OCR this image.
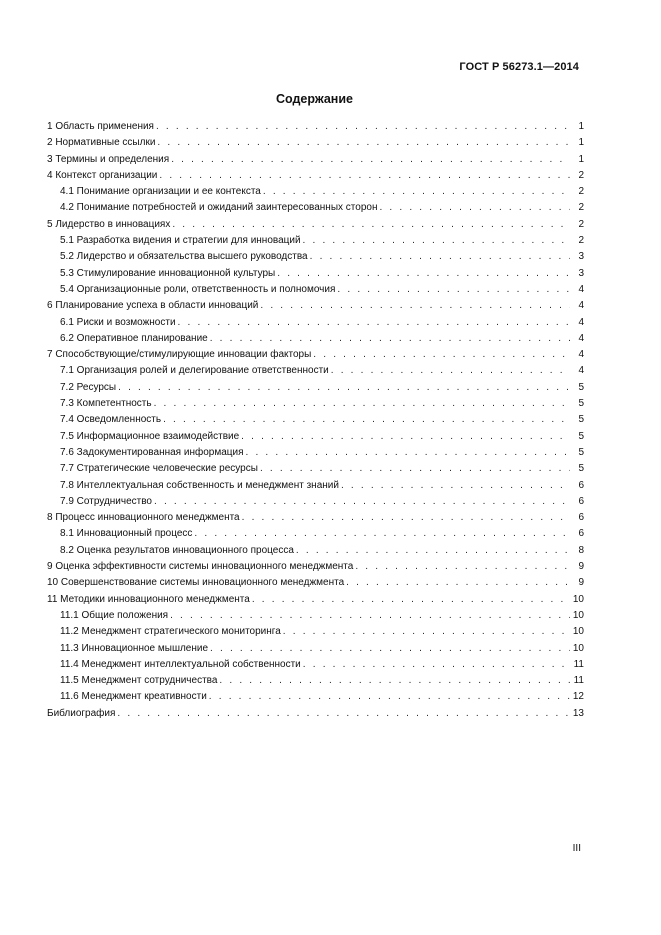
ГОСТ Р 56273.1—2014
Содержание
1 Область применения . . .	1
2 Нормативные ссылки . . .	1
3 Термины и определения . . .	1
4 Контекст организации . . .	2
4.1 Понимание организации и ее контекста . . .	2
4.2 Понимание потребностей и ожиданий заинтересованных сторон . . .	2
5 Лидерство в инновациях . . .	2
5.1 Разработка видения и стратегии для инноваций . . .	2
5.2 Лидерство и обязательства высшего руководства . . .	3
5.3 Стимулирование инновационной культуры . . .	3
5.4 Организационные роли, ответственность и полномочия . . .	4
6 Планирование успеха в области инноваций . . .	4
6.1 Риски и возможности . . .	4
6.2 Оперативное планирование . . .	4
7 Способствующие/стимулирующие инновации факторы . . .	4
7.1 Организация ролей и делегирование ответственности . . .	4
7.2 Ресурсы . . .	5
7.3 Компетентность . . .	5
7.4 Осведомленность . . .	5
7.5 Информационное взаимодействие . . .	5
7.6 Задокументированная информация . . .	5
7.7 Стратегические человеческие ресурсы . . .	5
7.8 Интеллектуальная собственность и менеджмент знаний . . .	6
7.9 Сотрудничество . . .	6
8 Процесс инновационного менеджмента . . .	6
8.1 Инновационный процесс . . .	6
8.2 Оценка результатов инновационного процесса . . .	8
9 Оценка эффективности системы инновационного менеджмента . . .	9
10 Совершенствование системы инновационного менеджмента . . .	9
11 Методики инновационного менеджмента . . .	10
11.1 Общие положения . . .	10
11.2 Менеджмент стратегического мониторинга . . .	10
11.3 Инновационное мышление . . .	10
11.4 Менеджмент интеллектуальной собственности . . .	11
11.5 Менеджмент сотрудничества . . .	11
11.6 Менеджмент креативности . . .	12
Библиография . . .	13
III
